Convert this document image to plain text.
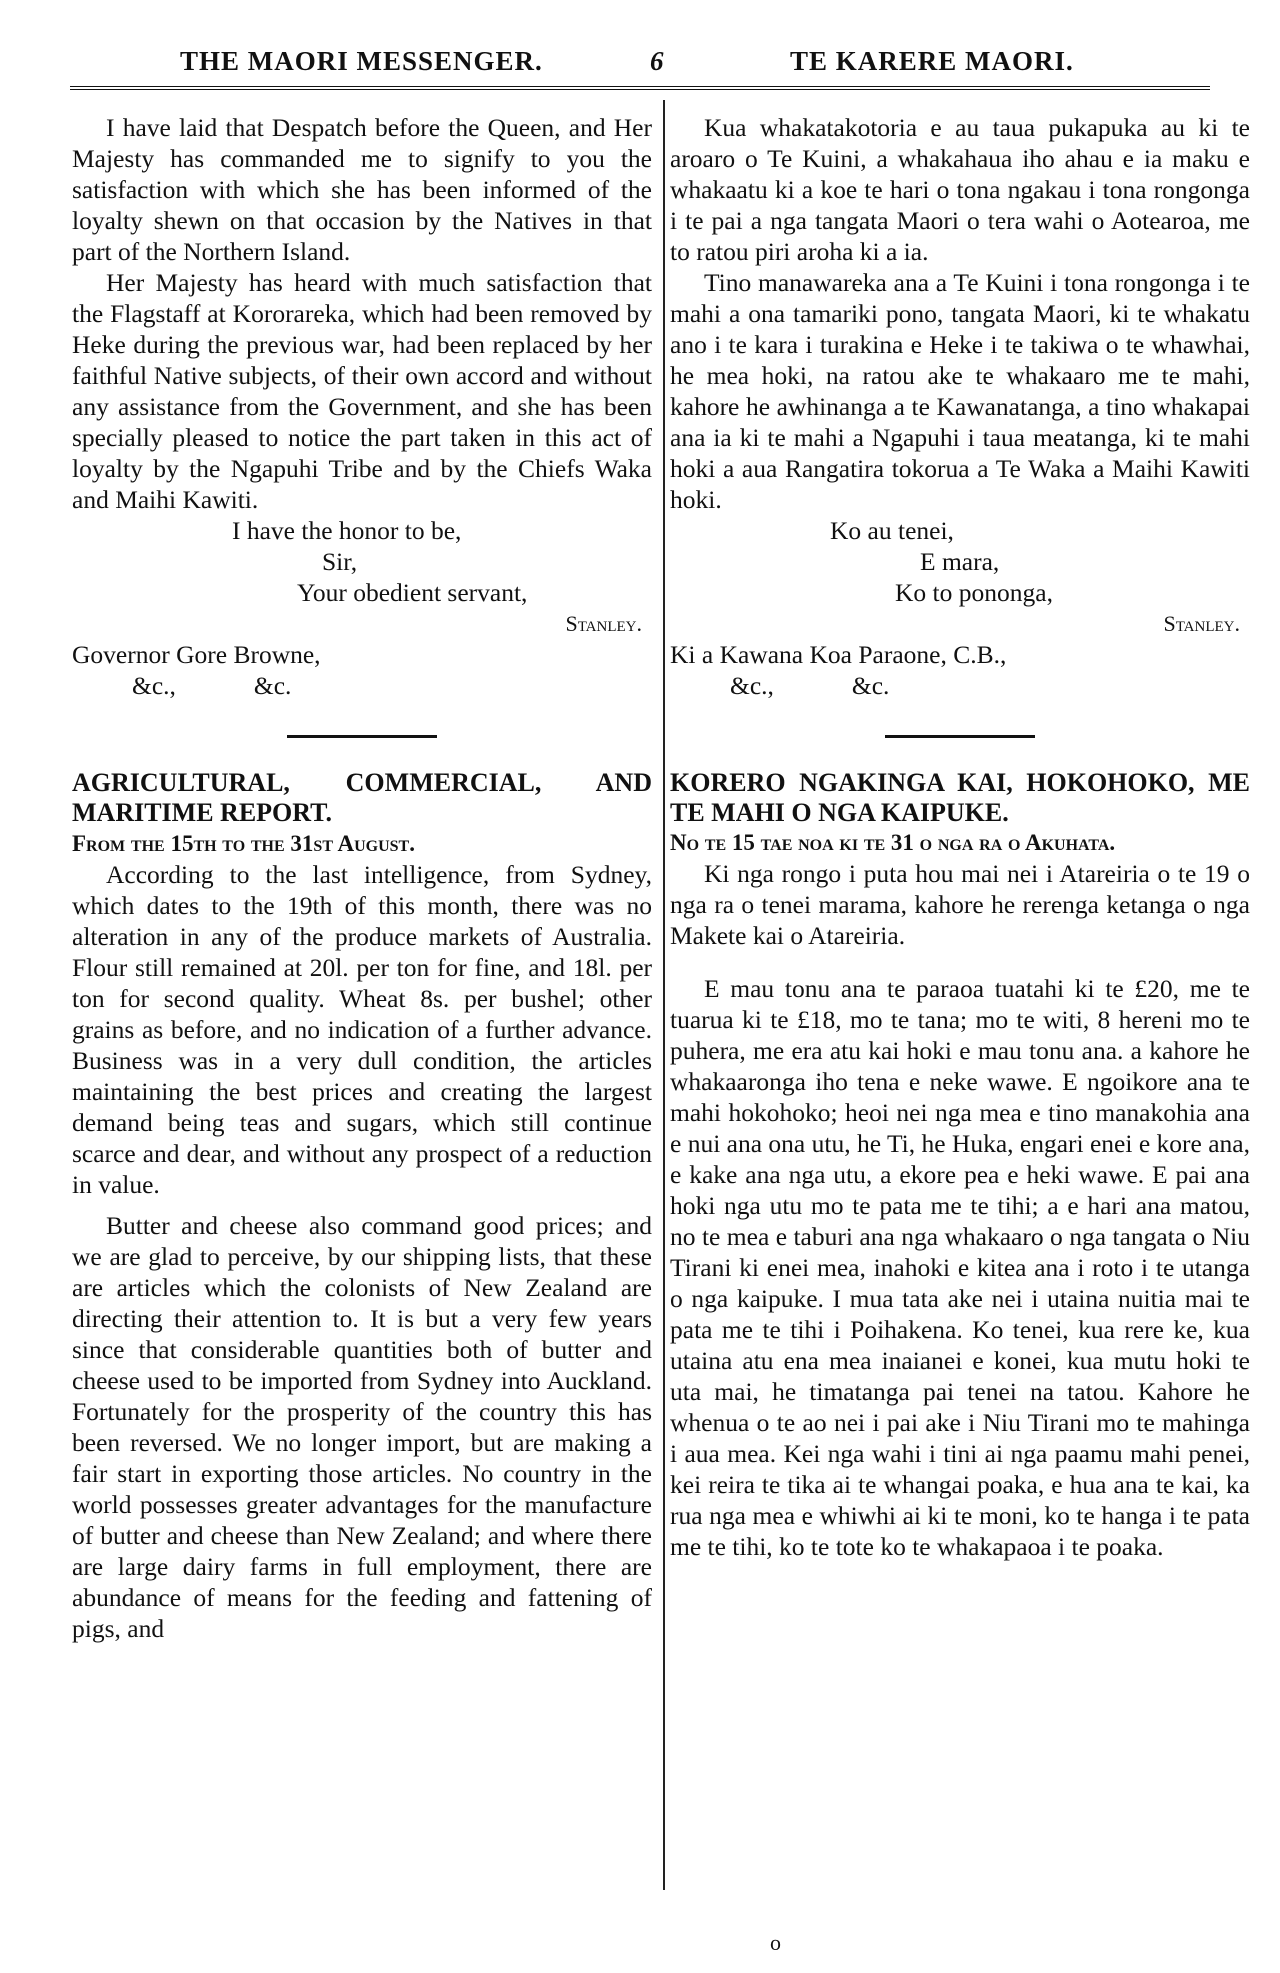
THE MAORI MESSENGER.	6	TE KARERE MAORI.

I have laid that Despatch before the Queen, and Her Majesty has commanded me to signify to you the satisfaction with which she has been informed of the loyalty shewn on that occasion by the Natives in that part of the Northern Island.

Her Majesty has heard with much satisfaction that the Flagstaff at Kororareka, which had been removed by Heke during the previous war, had been replaced by her faithful Native subjects, of their own accord and without any assistance from the Government, and she has been specially pleased to notice the part taken in this act of loyalty by the Ngapuhi Tribe and by the Chiefs Waka and Maihi Kawiti.

I have the honor to be,

Sir,

Your obedient servant,

Stanley.

Governor Gore Browne,

&c.,	&c.

AGRICULTURAL, COMMERCIAL, AND MARITIME REPORT.

From the 15th to the 31st August.

According to the last intelligence, from Sydney, which dates to the 19th of this month, there was no alteration in any of the produce markets of Australia. Flour still remained at 20l. per ton for fine, and 18l. per ton for second quality. Wheat 8s. per bushel; other grains as before, and no indication of a further advance. Business was in a very dull condition, the articles maintaining the best prices and creating the largest demand being teas and sugars, which still continue scarce and dear, and without any prospect of a reduction in value.

Butter and cheese also command good prices; and we are glad to perceive, by our shipping lists, that these are articles which the colonists of New Zealand are directing their attention to. It is but a very few years since that considerable quantities both of butter and cheese used to be imported from Sydney into Auckland. Fortunately for the prosperity of the country this has been reversed. We no longer import, but are making a fair start in exporting those articles. No country in the world possesses greater advantages for the manufacture of butter and cheese than New Zealand; and where there are large dairy farms in full employment, there are abundance of means for the feeding and fattening of pigs, and

Kua whakatakotoria e au taua pukapuka au ki te aroaro o Te Kuini, a whakahaua iho ahau e ia maku e whakaatu ki a koe te hari o tona ngakau i tona rongonga i te pai a nga tangata Maori o tera wahi o Aotearoa, me to ratou piri aroha ki a ia.

Tino manawareka ana a Te Kuini i tona rongonga i te mahi a ona tamariki pono, tangata Maori, ki te whakatu ano i te kara i turakina e Heke i te takiwa o te whawhai, he mea hoki, na ratou ake te whakaaro me te mahi, kahore he awhinanga a te Kawanatanga, a tino whakapai ana ia ki te mahi a Ngapuhi i taua meatanga, ki te mahi hoki a aua Rangatira tokorua a Te Waka a Maihi Kawiti hoki.

Ko au tenei,

E mara,

Ko to pononga,

Stanley.

Ki a Kawana Koa Paraone, C.B.,

&c.,	&c.

KORERO NGAKINGA KAI, HOKOHOKO, ME TE MAHI O NGA KAIPUKE.

No te 15 tae noa ki te 31 o nga ra o Akuhata.

Ki nga rongo i puta hou mai nei i Atareiria o te 19 o nga ra o tenei marama, kahore he rerenga ketanga o nga Makete kai o Atareiria.

E mau tonu ana te paraoa tuatahi ki te £20, me te tuarua ki te £18, mo te tana; mo te witi, 8 hereni mo te puhera, me era atu kai hoki e mau tonu ana. a kahore he whakaaronga iho tena e neke wawe. E ngoikore ana te mahi hokohoko; heoi nei nga mea e tino manakohia ana e nui ana ona utu, he Ti, he Huka, engari enei e kore ana, e kake ana nga utu, a ekore pea e heki wawe. E pai ana hoki nga utu mo te pata me te tihi; a e hari ana matou, no te mea e taburi ana nga whakaaro o nga tangata o Niu Tirani ki enei mea, inahoki e kitea ana i roto i te utanga o nga kaipuke. I mua tata ake nei i utaina nuitia mai te pata me te tihi i Poihakena. Ko tenei, kua rere ke, kua utaina atu ena mea inaianei e konei, kua mutu hoki te uta mai, he timatanga pai tenei na tatou. Kahore he whenua o te ao nei i pai ake i Niu Tirani mo te mahinga i aua mea. Kei nga wahi i tini ai nga paamu mahi penei, kei reira te tika ai te whangai poaka, e hua ana te kai, ka rua nga mea e whiwhi ai ki te moni, ko te hanga i te pata me te tihi, ko te tote ko te whakapaoa i te poaka.

o
